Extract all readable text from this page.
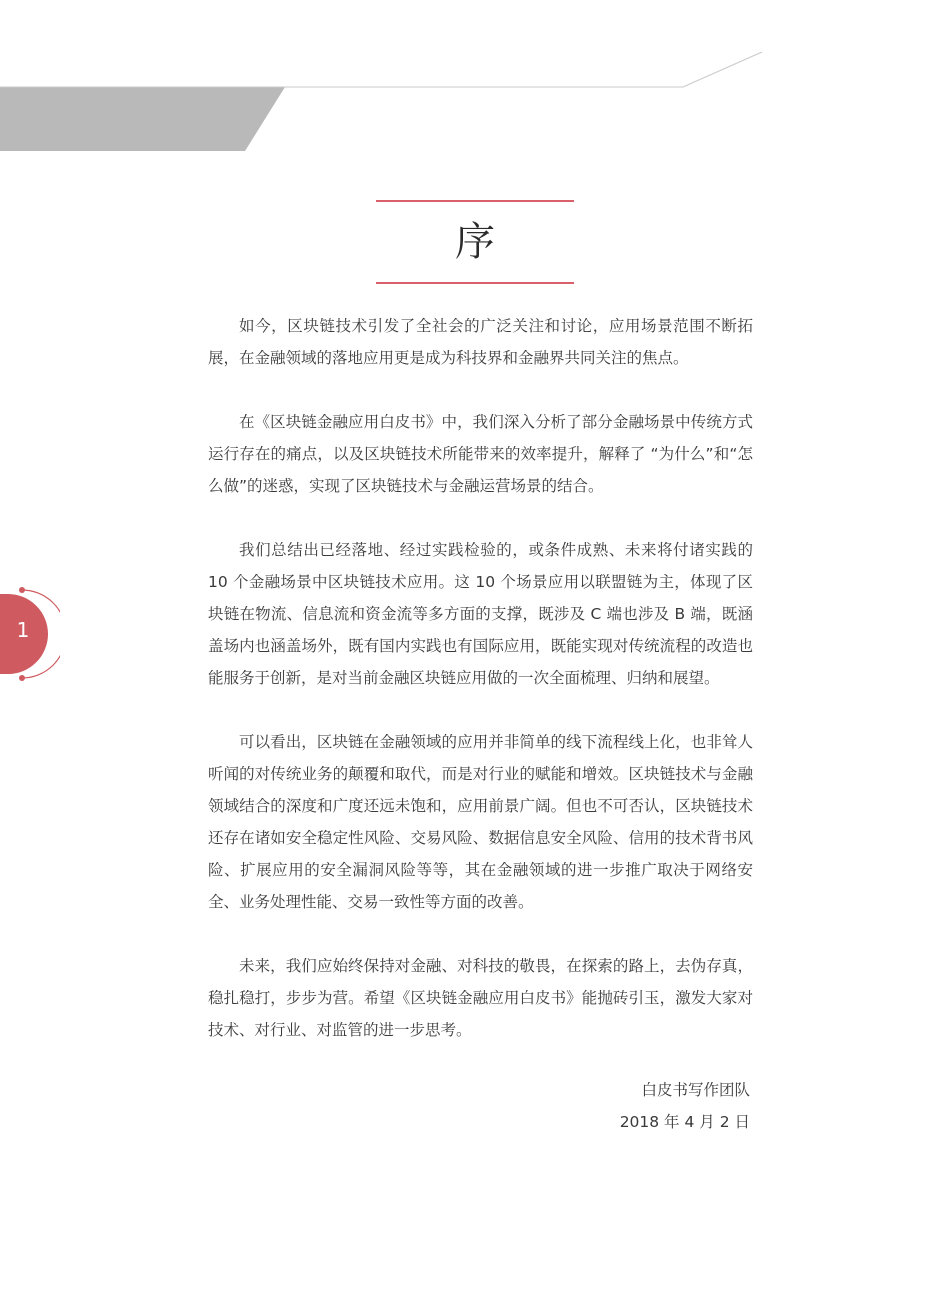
序

如今，区块链技术引发了全社会的广泛关注和讨论，应用场景范围不断拓展，在金融领域的落地应用更是成为科技界和金融界共同关注的焦点。

在《区块链金融应用白皮书》中，我们深入分析了部分金融场景中传统方式运行存在的痛点，以及区块链技术所能带来的效率提升，解释了 “为什么”和“怎么做”的迷惑，实现了区块链技术与金融运营场景的结合。

我们总结出已经落地、经过实践检验的，或条件成熟、未来将付诸实践的 10 个金融场景中区块链技术应用。这 10 个场景应用以联盟链为主，体现了区块链在物流、信息流和资金流等多方面的支撑，既涉及 C 端也涉及 B 端，既涵盖场内也涵盖场外，既有国内实践也有国际应用，既能实现对传统流程的改造也能服务于创新，是对当前金融区块链应用做的一次全面梳理、归纳和展望。

可以看出，区块链在金融领域的应用并非简单的线下流程线上化，也非耸人听闻的对传统业务的颠覆和取代，而是对行业的赋能和增效。区块链技术与金融领域结合的深度和广度还远未饱和，应用前景广阔。但也不可否认，区块链技术还存在诸如安全稳定性风险、交易风险、数据信息安全风险、信用的技术背书风险、扩展应用的安全漏洞风险等等，其在金融领域的进一步推广取决于网络安全、业务处理性能、交易一致性等方面的改善。

未来，我们应始终保持对金融、对科技的敬畏，在探索的路上，去伪存真，稳扎稳打，步步为营。希望《区块链金融应用白皮书》能抛砖引玉，激发大家对技术、对行业、对监管的进一步思考。

白皮书写作团队
2018 年 4 月 2 日
1
